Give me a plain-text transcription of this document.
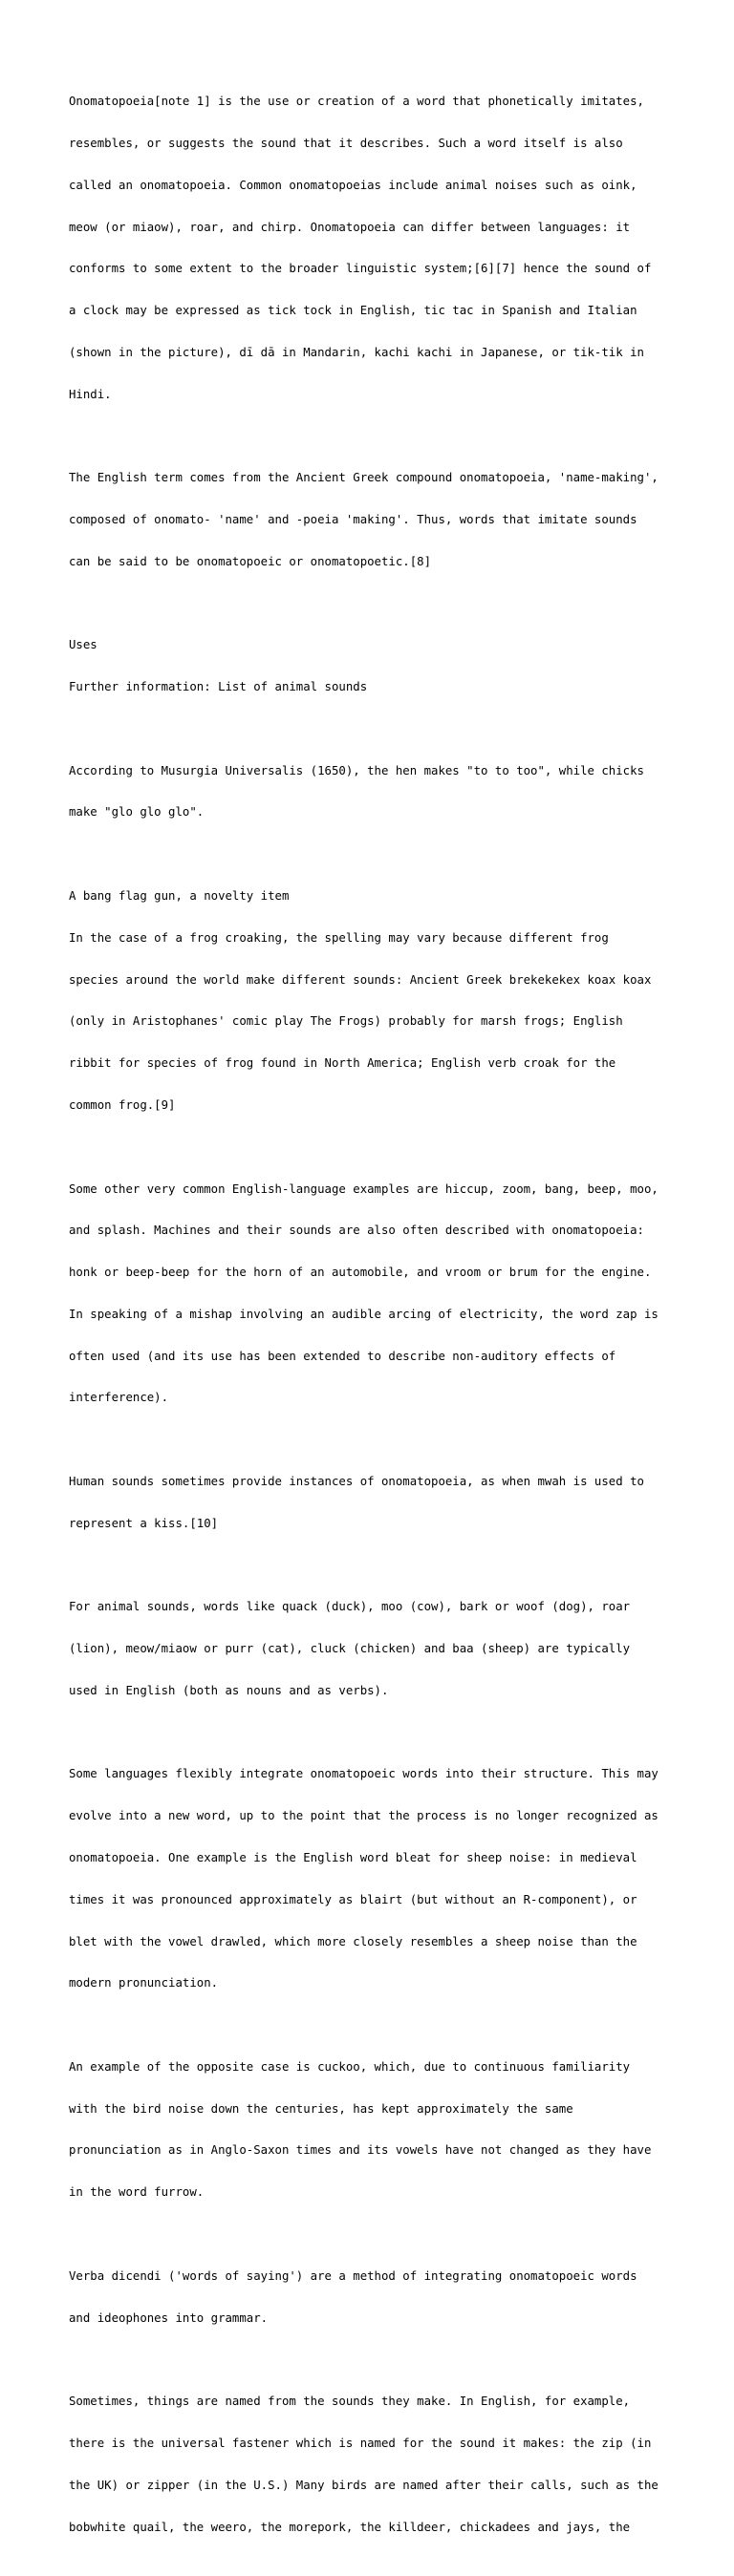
Onomatopoeia[note 1] is the use or creation of a word that phonetically imitates,

resembles, or suggests the sound that it describes. Such a word itself is also

called an onomatopoeia. Common onomatopoeias include animal noises such as oink,

meow (or miaow), roar, and chirp. Onomatopoeia can differ between languages: it

conforms to some extent to the broader linguistic system;[6][7] hence the sound of

a clock may be expressed as tick tock in English, tic tac in Spanish and Italian

(shown in the picture), dī dā in Mandarin, kachi kachi in Japanese, or tik-tik in

Hindi.

The English term comes from the Ancient Greek compound onomatopoeia, 'name-making',

composed of onomato- 'name' and -poeia 'making'. Thus, words that imitate sounds

can be said to be onomatopoeic or onomatopoetic.[8]

Uses

Further information: List of animal sounds

According to Musurgia Universalis (1650), the hen makes "to to too", while chicks

make "glo glo glo".

A bang flag gun, a novelty item

In the case of a frog croaking, the spelling may vary because different frog

species around the world make different sounds: Ancient Greek brekekekex koax koax

(only in Aristophanes' comic play The Frogs) probably for marsh frogs; English

ribbit for species of frog found in North America; English verb croak for the

common frog.[9]

Some other very common English-language examples are hiccup, zoom, bang, beep, moo,

and splash. Machines and their sounds are also often described with onomatopoeia:

honk or beep-beep for the horn of an automobile, and vroom or brum for the engine.

In speaking of a mishap involving an audible arcing of electricity, the word zap is

often used (and its use has been extended to describe non-auditory effects of

interference).

Human sounds sometimes provide instances of onomatopoeia, as when mwah is used to

represent a kiss.[10]

For animal sounds, words like quack (duck), moo (cow), bark or woof (dog), roar

(lion), meow/miaow or purr (cat), cluck (chicken) and baa (sheep) are typically

used in English (both as nouns and as verbs).

Some languages flexibly integrate onomatopoeic words into their structure. This may

evolve into a new word, up to the point that the process is no longer recognized as

onomatopoeia. One example is the English word bleat for sheep noise: in medieval

times it was pronounced approximately as blairt (but without an R-component), or

blet with the vowel drawled, which more closely resembles a sheep noise than the

modern pronunciation.

An example of the opposite case is cuckoo, which, due to continuous familiarity

with the bird noise down the centuries, has kept approximately the same

pronunciation as in Anglo-Saxon times and its vowels have not changed as they have

in the word furrow.

Verba dicendi ('words of saying') are a method of integrating onomatopoeic words

and ideophones into grammar.

Sometimes, things are named from the sounds they make. In English, for example,

there is the universal fastener which is named for the sound it makes: the zip (in

the UK) or zipper (in the U.S.) Many birds are named after their calls, such as the

bobwhite quail, the weero, the morepork, the killdeer, chickadees and jays, the
